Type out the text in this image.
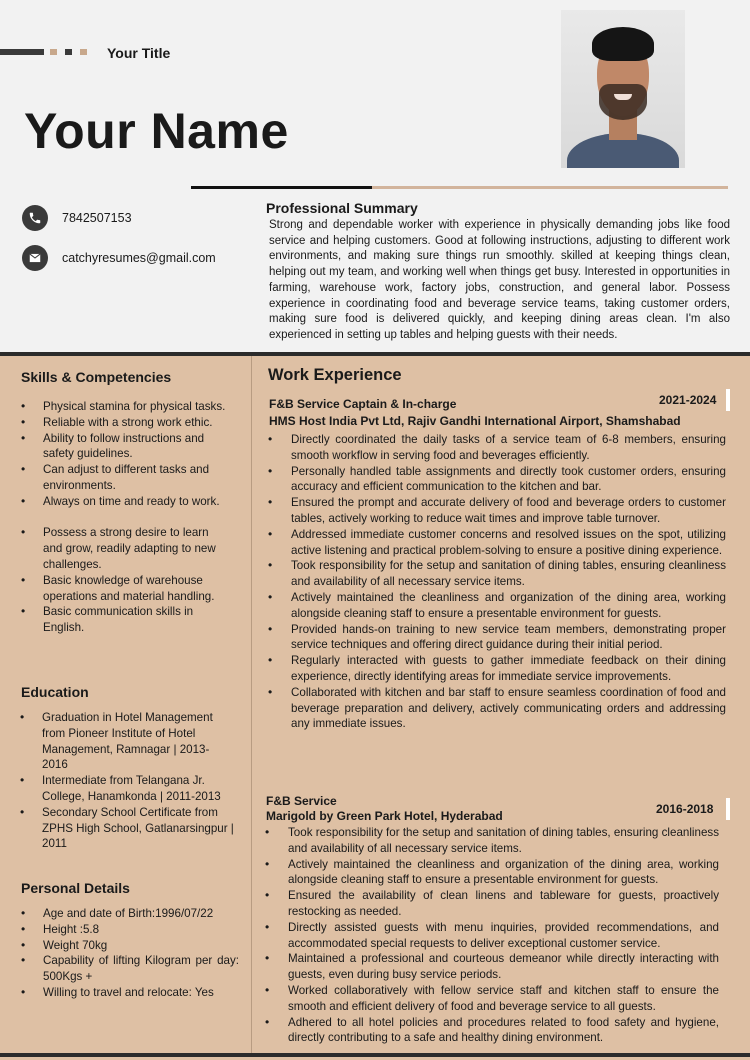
Your Title
Your Name
7842507153
catchyresumes@gmail.com
Professional Summary
Strong and dependable worker with experience in physically demanding jobs like food service and helping customers. Good at following instructions, adjusting to different work environments, and making sure things run smoothly. skilled at keeping things clean, helping out my team, and working well when things get busy. Interested in opportunities in farming, warehouse work, factory jobs, construction, and general labor. Possess experience in coordinating food and beverage service teams, taking customer orders, making sure food is delivered quickly, and keeping dining areas clean. I'm also experienced in setting up tables and helping guests with their needs.
Skills & Competencies
• Physical stamina for physical tasks.
• Reliable with a strong work ethic.
• Ability to follow instructions and safety guidelines.
• Can adjust to different tasks and environments.
• Always on time and ready to work.
• Possess a strong desire to learn and grow, readily adapting to new challenges.
• Basic knowledge of warehouse operations and material handling.
• Basic communication skills in English.
Education
• Graduation in Hotel Management from Pioneer Institute of Hotel Management, Ramnagar | 2013-2016
• Intermediate from Telangana Jr. College, Hanamkonda | 2011-2013
• Secondary School Certificate from ZPHS High School, Gatlanarsingpur | 2011
Personal Details
• Age and date of Birth:1996/07/22
• Height :5.8
• Weight 70kg
• Capability of lifting Kilogram per day: 500Kgs +
• Willing to travel and relocate: Yes
Work Experience
F&B Service Captain & In-charge	2021-2024
HMS Host India Pvt Ltd, Rajiv Gandhi International Airport, Shamshabad
• Directly coordinated the daily tasks of a service team of 6-8 members, ensuring smooth workflow in serving food and beverages efficiently.
• Personally handled table assignments and directly took customer orders, ensuring accuracy and efficient communication to the kitchen and bar.
• Ensured the prompt and accurate delivery of food and beverage orders to customer tables, actively working to reduce wait times and improve table turnover.
• Addressed immediate customer concerns and resolved issues on the spot, utilizing active listening and practical problem-solving to ensure a positive dining experience.
• Took responsibility for the setup and sanitation of dining tables, ensuring cleanliness and availability of all necessary service items.
• Actively maintained the cleanliness and organization of the dining area, working alongside cleaning staff to ensure a presentable environment for guests.
• Provided hands-on training to new service team members, demonstrating proper service techniques and offering direct guidance during their initial period.
• Regularly interacted with guests to gather immediate feedback on their dining experience, directly identifying areas for immediate service improvements.
• Collaborated with kitchen and bar staff to ensure seamless coordination of food and beverage preparation and delivery, actively communicating orders and addressing any immediate issues.
F&B Service
2016-2018
Marigold by Green Park Hotel, Hyderabad
• Took responsibility for the setup and sanitation of dining tables, ensuring cleanliness and availability of all necessary service items.
• Actively maintained the cleanliness and organization of the dining area, working alongside cleaning staff to ensure a presentable environment for guests.
• Ensured the availability of clean linens and tableware for guests, proactively restocking as needed.
• Directly assisted guests with menu inquiries, provided recommendations, and accommodated special requests to deliver exceptional customer service.
• Maintained a professional and courteous demeanor while directly interacting with guests, even during busy service periods.
• Worked collaboratively with fellow service staff and kitchen staff to ensure the smooth and efficient delivery of food and beverage service to all guests.
• Adhered to all hotel policies and procedures related to food safety and hygiene, directly contributing to a safe and healthy dining environment.
